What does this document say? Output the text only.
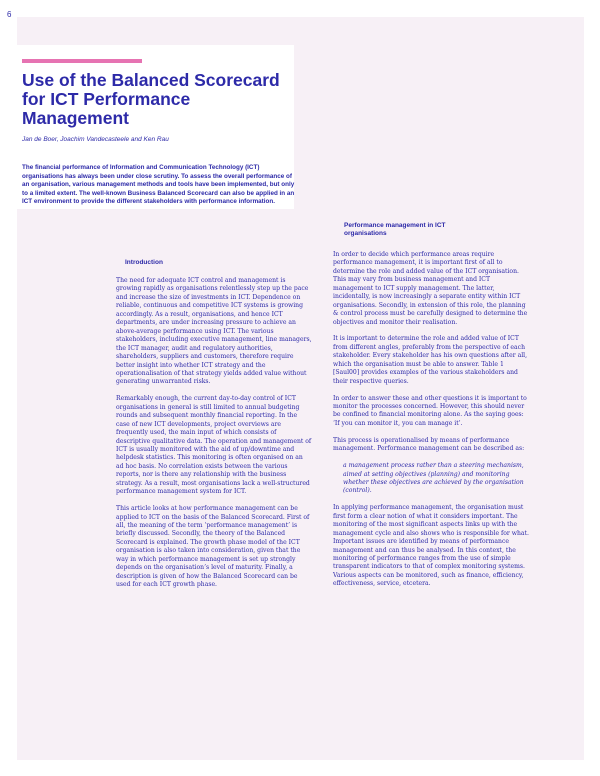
6
Use of the Balanced Scorecard for ICT Performance Management
Jan de Boer, Joachim Vandecasteele and Ken Rau

The financial performance of Information and Communication Technology (ICT) organisations has always been under close scrutiny. To assess the overall performance of an organisation, various management methods and tools have been implemented, but only to a limited extent. The well-known Business Balanced Scorecard can also be applied in an ICT environment to provide the different stakeholders with performance information.

Introduction

The need for adequate ICT control and management is growing rapidly as organisations relentlessly step up the pace and increase the size of investments in ICT. Dependence on reliable, continuous and competitive ICT systems is growing accordingly. As a result, organisations, and hence ICT departments, are under increasing pressure to achieve an above-average performance using ICT. The various stakeholders, including executive management, line managers, the ICT manager, audit and regulatory authorities, shareholders, suppliers and customers, therefore require better insight into whether ICT strategy and the operationalisation of that strategy yields added value without generating unwarranted risks.

Remarkably enough, the current day-to-day control of ICT organisations in general is still limited to annual budgeting rounds and subsequent monthly financial reporting. In the case of new ICT developments, project overviews are frequently used, the main input of which consists of descriptive qualitative data. The operation and management of ICT is usually monitored with the aid of up/downtime and helpdesk statistics. This monitoring is often organised on an ad hoc basis. No correlation exists between the various reports, nor is there any relationship with the business strategy. As a result, most organisations lack a well-structured performance management system for ICT.

This article looks at how performance management can be applied to ICT on the basis of the Balanced Scorecard. First of all, the meaning of the term ‘performance management’ is briefly discussed. Secondly, the theory of the Balanced Scorecard is explained. The growth phase model of the ICT organisation is also taken into consideration, given that the way in which performance management is set up strongly depends on the organisation’s level of maturity. Finally, a description is given of how the Balanced Scorecard can be used for each ICT growth phase.

Performance management in ICT organisations

In order to decide which performance areas require performance management, it is important first of all to determine the role and added value of the ICT organisation. This may vary from business management and ICT management to ICT supply management. The latter, incidentally, is now increasingly a separate entity within ICT organisations. Secondly, in extension of this role, the planning & control process must be carefully designed to determine the objectives and monitor their realisation.

It is important to determine the role and added value of ICT from different angles, preferably from the perspective of each stakeholder. Every stakeholder has his own questions after all, which the organisation must be able to answer. Table 1 [Saul00] provides examples of the various stakeholders and their respective queries.

In order to answer these and other questions it is important to monitor the processes concerned. However, this should never be confined to financial monitoring alone. As the saying goes: ‘If you can monitor it, you can manage it’.

This process is operationalised by means of performance management. Performance management can be described as:

a management process rather than a steering mechanism, aimed at setting objectives (planning) and monitoring whether these objectives are achieved by the organisation (control).

In applying performance management, the organisation must first form a clear notion of what it considers important. The monitoring of the most significant aspects links up with the management cycle and also shows who is responsible for what. Important issues are identified by means of performance management and can thus be analysed. In this context, the monitoring of performance ranges from the use of simple transparent indicators to that of complex monitoring systems. Various aspects can be monitored, such as finance, efficiency, effectiveness, service, etcetera.
